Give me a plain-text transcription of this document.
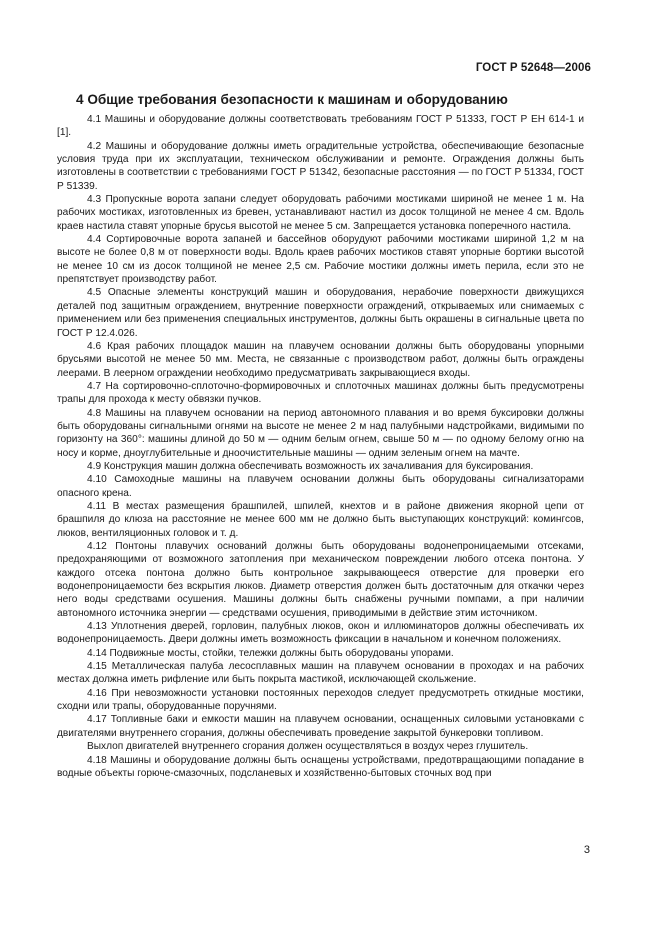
ГОСТ Р 52648—2006
4 Общие требования безопасности к машинам и оборудованию

4.1 Машины и оборудование должны соответствовать требованиям ГОСТ Р 51333, ГОСТ Р ЕН 614-1 и [1].

4.2 Машины и оборудование должны иметь оградительные устройства, обеспечивающие безопасные условия труда при их эксплуатации, техническом обслуживании и ремонте. Ограждения должны быть изготовлены в соответствии с требованиями ГОСТ Р 51342, безопасные расстояния — по ГОСТ Р 51334, ГОСТ Р 51339.

4.3 Пропускные ворота запани следует оборудовать рабочими мостиками шириной не менее 1 м. На рабочих мостиках, изготовленных из бревен, устанавливают настил из досок толщиной не менее 4 см. Вдоль краев настила ставят упорные брусья высотой не менее 5 см. Запрещается установка поперечного настила.

4.4 Сортировочные ворота запаней и бассейнов оборудуют рабочими мостиками шириной 1,2 м на высоте не более 0,8 м от поверхности воды. Вдоль краев рабочих мостиков ставят упорные бортики высотой не менее 10 см из досок толщиной не менее 2,5 см. Рабочие мостики должны иметь перила, если это не препятствует производству работ.

4.5 Опасные элементы конструкций машин и оборудования, нерабочие поверхности движущихся деталей под защитным ограждением, внутренние поверхности ограждений, открываемых или снимаемых с применением или без применения специальных инструментов, должны быть окрашены в сигнальные цвета по ГОСТ Р 12.4.026.

4.6 Края рабочих площадок машин на плавучем основании должны быть оборудованы упорными брусьями высотой не менее 50 мм. Места, не связанные с производством работ, должны быть ограждены леерами. В леерном ограждении необходимо предусматривать закрывающиеся входы.

4.7 На сортировочно-сплоточно-формировочных и сплоточных машинах должны быть предусмотрены трапы для прохода к месту обвязки пучков.

4.8 Машины на плавучем основании на период автономного плавания и во время буксировки должны быть оборудованы сигнальными огнями на высоте не менее 2 м над палубными надстройками, видимыми по горизонту на 360°: машины длиной до 50 м — одним белым огнем, свыше 50 м — по одному белому огню на носу и корме, дноуглубительные и дноочистительные машины — одним зеленым огнем на мачте.

4.9 Конструкция машин должна обеспечивать возможность их зачаливания для буксирования.

4.10 Самоходные машины на плавучем основании должны быть оборудованы сигнализаторами опасного крена.

4.11 В местах размещения брашпилей, шпилей, кнехтов и в районе движения якорной цепи от брашпиля до клюза на расстояние не менее 600 мм не должно быть выступающих конструкций: комингсов, люков, вентиляционных головок и т. д.

4.12 Понтоны плавучих оснований должны быть оборудованы водонепроницаемыми отсеками, предохраняющими от возможного затопления при механическом повреждении любого отсека понтона. У каждого отсека понтона должно быть контрольное закрывающееся отверстие для проверки его водонепроницаемости без вскрытия люков. Диаметр отверстия должен быть достаточным для откачки через него воды средствами осушения. Машины должны быть снабжены ручными помпами, а при наличии автономного источника энергии — средствами осушения, приводимыми в действие этим источником.

4.13 Уплотнения дверей, горловин, палубных люков, окон и иллюминаторов должны обеспечивать их водонепроницаемость. Двери должны иметь возможность фиксации в начальном и конечном положениях.

4.14 Подвижные мосты, стойки, тележки должны быть оборудованы упорами.

4.15 Металлическая палуба лесосплавных машин на плавучем основании в проходах и на рабочих местах должна иметь рифление или быть покрыта мастикой, исключающей скольжение.

4.16 При невозможности установки постоянных переходов следует предусмотреть откидные мостики, сходни или трапы, оборудованные поручнями.

4.17 Топливные баки и емкости машин на плавучем основании, оснащенных силовыми установками с двигателями внутреннего сгорания, должны обеспечивать проведение закрытой бункеровки топливом.

Выхлоп двигателей внутреннего сгорания должен осуществляться в воздух через глушитель.

4.18 Машины и оборудование должны быть оснащены устройствами, предотвращающими попадание в водные объекты горюче-смазочных, подсланевых и хозяйственно-бытовых сточных вод при

3
